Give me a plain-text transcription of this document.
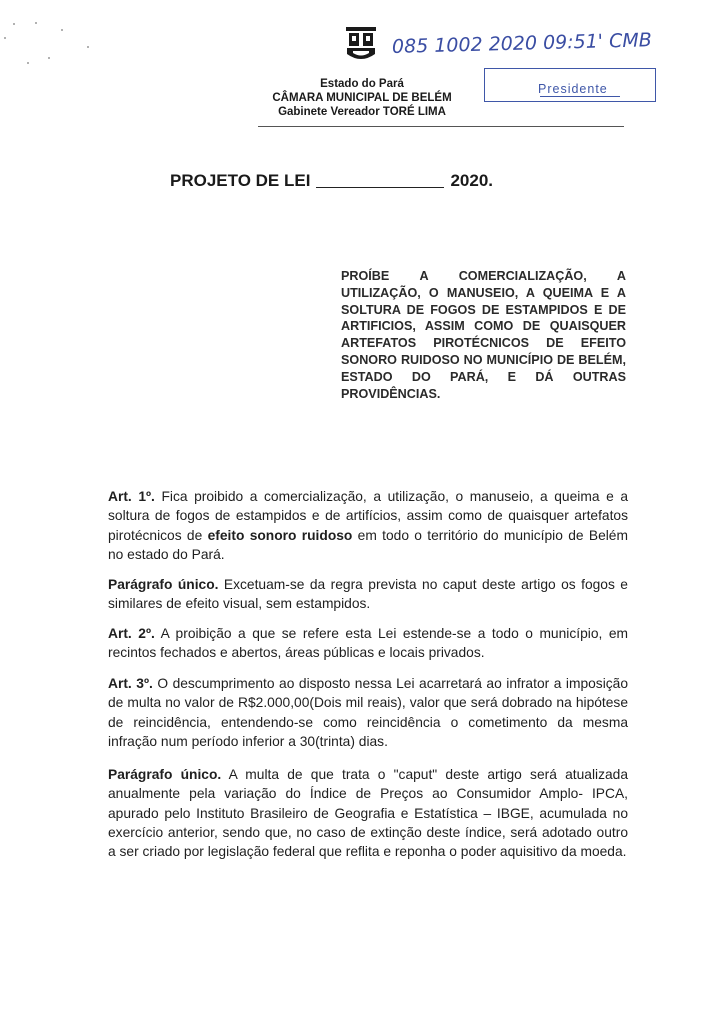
Estado do Pará
CÂMARA MUNICIPAL DE BELÉM
Gabinete Vereador TORÉ LIMA
085 1002 2020 09:51' CMB
Presidente
PROJETO DE LEI	2020.
PROÍBE A COMERCIALIZAÇÃO, A UTILIZAÇÃO, O MANUSEIO, A QUEIMA E A SOLTURA DE FOGOS DE ESTAMPIDOS E DE ARTIFICIOS, ASSIM COMO DE QUAISQUER ARTEFATOS PIROTÉCNICOS DE EFEITO SONORO RUIDOSO NO MUNICÍPIO DE BELÉM, ESTADO DO PARÁ, E DÁ OUTRAS PROVIDÊNCIAS.
Art. 1º. Fica proibido a comercialização, a utilização, o manuseio, a queima e a soltura de fogos de estampidos e de artifícios, assim como de quaisquer artefatos pirotécnicos de efeito sonoro ruidoso em todo o território do município de Belém no estado do Pará.
Parágrafo único. Excetuam-se da regra prevista no caput deste artigo os fogos e similares de efeito visual, sem estampidos.
Art. 2º. A proibição a que se refere esta Lei estende-se a todo o município, em recintos fechados e abertos, áreas públicas e locais privados.
Art. 3º. O descumprimento ao disposto nessa Lei acarretará ao infrator a imposição de multa no valor de R$2.000,00(Dois mil reais), valor que será dobrado na hipótese de reincidência, entendendo-se como reincidência o cometimento da mesma infração num período inferior a 30(trinta) dias.
Parágrafo único. A multa de que trata o "caput" deste artigo será atualizada anualmente pela variação do Índice de Preços ao Consumidor Amplo- IPCA, apurado pelo Instituto Brasileiro de Geografia e Estatística – IBGE, acumulada no exercício anterior, sendo que, no caso de extinção deste índice, será adotado outro a ser criado por legislação federal que reflita e reponha o poder aquisitivo da moeda.
